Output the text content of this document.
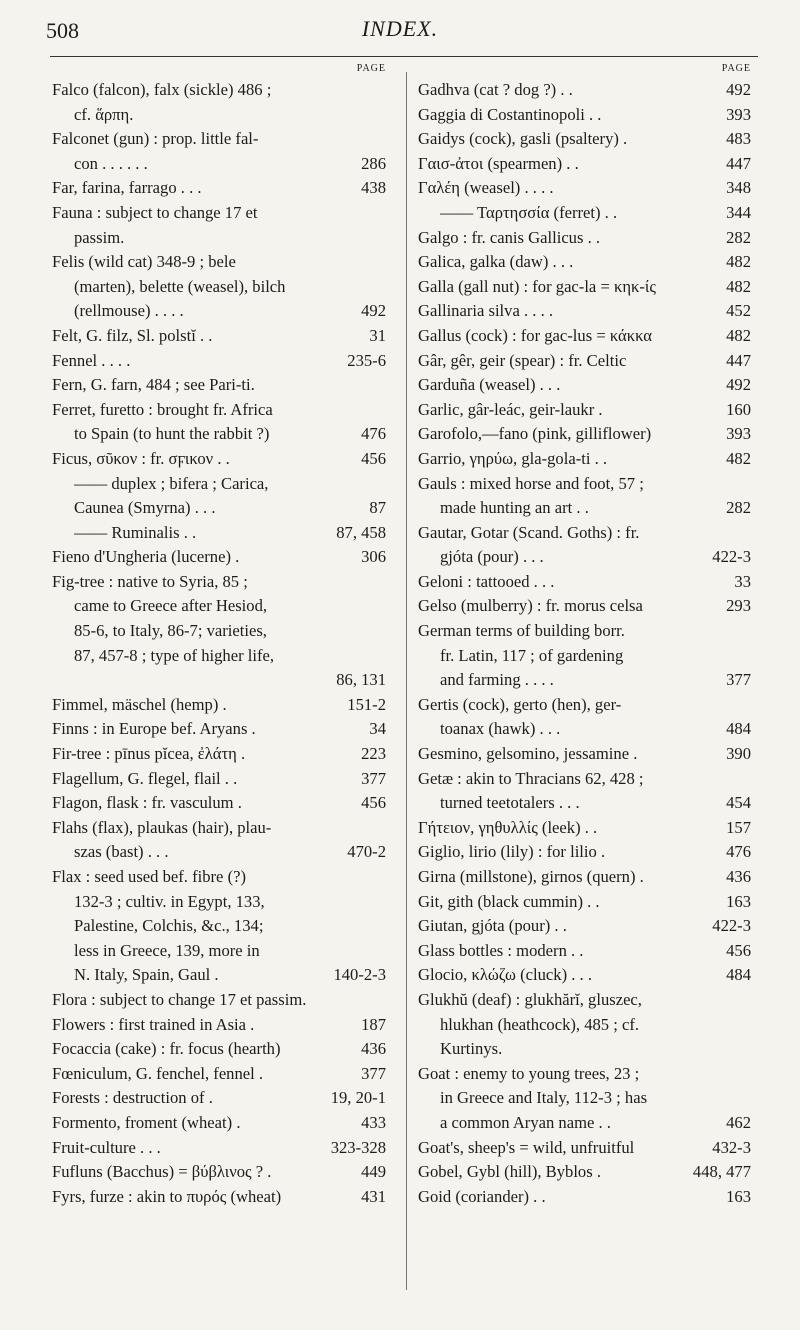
508	INDEX.
PAGE
Falco (falcon), falx (sickle) 486 ;
cf. ἅρπη.
Falconet (gun) : prop. little fal-
con . . . . . .	286
Far, farina, farrago . . .	438
Fauna : subject to change 17 et
passim.
Felis (wild cat) 348-9 ; bele
(marten), belette (weasel), bilch
(rellmouse) . . . .	492
Felt, G. filz, Sl. polstĭ . .	31
Fennel . . . .	235-6
Fern, G. farn, 484 ; see Pari-ti.
Ferret, furetto : brought fr. Africa
to Spain (to hunt the rabbit ?)	476
Ficus, σῦκον : fr. σϝικον . .	456
—— duplex ; bifera ; Carica,
Caunea (Smyrna) . . .	87
—— Ruminalis . .	87, 458
Fieno d'Ungheria (lucerne) .	306
Fig-tree : native to Syria, 85 ;
came to Greece after Hesiod,
85-6, to Italy, 86-7; varieties,
87, 457-8 ; type of higher life,
86, 131
Fimmel, mäschel (hemp) .	151-2
Finns : in Europe bef. Aryans .	34
Fir-tree : pīnus pĭcea, ἐλάτη .	223
Flagellum, G. flegel, flail . .	377
Flagon, flask : fr. vasculum .	456
Flahs (flax), plaukas (hair), plau-
szas (bast) . . .	470-2
Flax : seed used bef. fibre (?)
132-3 ; cultiv. in Egypt, 133,
Palestine, Colchis, &c., 134;
less in Greece, 139, more in
N. Italy, Spain, Gaul .	140-2-3
Flora : subject to change 17 et passim.
Flowers : first trained in Asia .	187
Focaccia (cake) : fr. focus (hearth)	436
Fœniculum, G. fenchel, fennel .	377
Forests : destruction of .	19, 20-1
Formento, froment (wheat) .	433
Fruit-culture . . .	323-328
Fufluns (Bacchus) = βύβλινος ? .	449
Fyrs, furze : akin to πυρός (wheat)	431
PAGE
Gadhva (cat ? dog ?) . .	492
Gaggia di Costantinopoli . .	393
Gaidys (cock), gasli (psaltery) .	483
Γαισ-ἀτοι (spearmen) . .	447
Γαλέη (weasel) . . . .	348
—— Ταρτησσία (ferret) . .	344
Galgo : fr. canis Gallicus . .	282
Galica, galka (daw) . . .	482
Galla (gall nut) : for gac-la = κηκ-ίς	482
Gallinaria silva . . . .	452
Gallus (cock) : for gac-lus = κάκκα	482
Gâr, gêr, geir (spear) : fr. Celtic	447
Garduña (weasel) . . .	492
Garlic, gâr-leác, geir-laukr .	160
Garofolo,—fano (pink, gilliflower)	393
Garrio, γηρύω, gla-gola-ti . .	482
Gauls : mixed horse and foot, 57 ;
made hunting an art . .	282
Gautar, Gotar (Scand. Goths) : fr.
gjóta (pour) . . .	422-3
Geloni : tattooed . . .	33
Gelso (mulberry) : fr. morus celsa	293
German terms of building borr.
fr. Latin, 117 ; of gardening
and farming . . . .	377
Gertis (cock), gerto (hen), ger-
toanax (hawk) . . .	484
Gesmino, gelsomino, jessamine .	390
Getæ : akin to Thracians 62, 428 ;
turned teetotalers . . .	454
Γήτειον, γηθυλλίς (leek) . .	157
Giglio, lirio (lily) : for lilio .	476
Girna (millstone), girnos (quern) .	436
Git, gith (black cummin) . .	163
Giutan, gjóta (pour) . .	422-3
Glass bottles : modern . .	456
Glocio, κλώζω (cluck) . . .	484
Glukhŭ (deaf) : glukhărĭ, gluszec,
hlukhan (heathcock), 485 ; cf.
Kurtinys.
Goat : enemy to young trees, 23 ;
in Greece and Italy, 112-3 ; has
a common Aryan name . .	462
Goat's, sheep's = wild, unfruitful	432-3
Gobel, Gybl (hill), Byblos .	448, 477
Goid (coriander) . .	163
